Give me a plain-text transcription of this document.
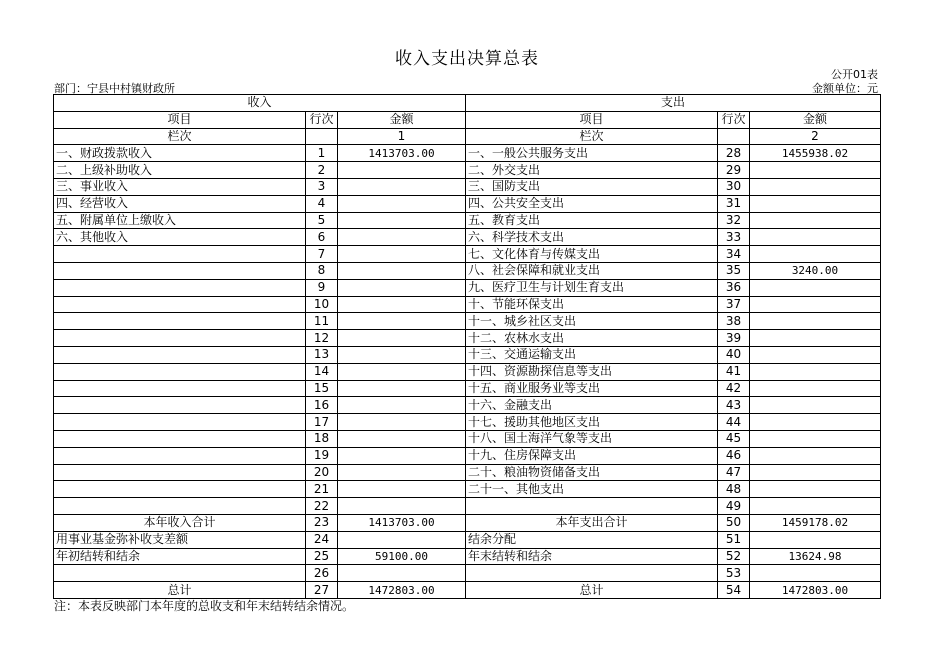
收入支出决算总表
公开01表
部门：宁县中村镇财政所	金额单位：元
收入			支出		
项目	行次	金额	项目	行次	金额
栏次		1	栏次		2
一、财政拨款收入	1	1413703.00	一、一般公共服务支出	28	1455938.02
二、上级补助收入	2		二、外交支出	29	
三、事业收入	3		三、国防支出	30	
四、经营收入	4		四、公共安全支出	31	
五、附属单位上缴收入	5		五、教育支出	32	
六、其他收入	6		六、科学技术支出	33	
	7		七、文化体育与传媒支出	34	
	8		八、社会保障和就业支出	35	3240.00
	9		九、医疗卫生与计划生育支出	36	
	10		十、节能环保支出	37	
	11		十一、城乡社区支出	38	
	12		十二、农林水支出	39	
	13		十三、交通运输支出	40	
	14		十四、资源勘探信息等支出	41	
	15		十五、商业服务业等支出	42	
	16		十六、金融支出	43	
	17		十七、援助其他地区支出	44	
	18		十八、国土海洋气象等支出	45	
	19		十九、住房保障支出	46	
	20		二十、粮油物资储备支出	47	
	21		二十一、其他支出	48	
	22			49	
本年收入合计	23	1413703.00	本年支出合计	50	1459178.02
用事业基金弥补收支差额	24		结余分配	51	
年初结转和结余	25	59100.00	年末结转和结余	52	13624.98
	26			53	
总计	27	1472803.00	总计	54	1472803.00
注：本表反映部门本年度的总收支和年末结转结余情况。
